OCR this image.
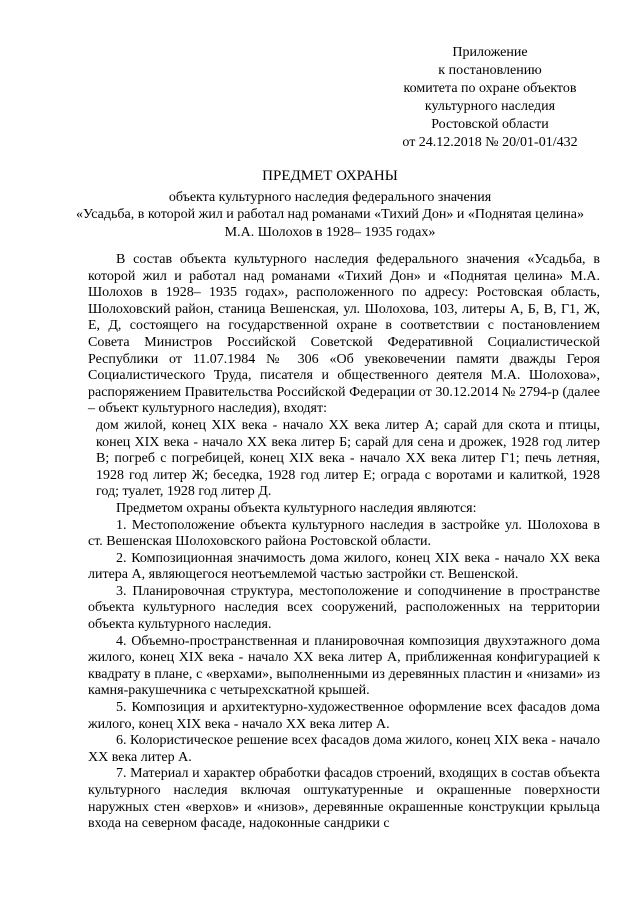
Приложение
к постановлению
комитета по охране объектов
культурного наследия
Ростовской области
от 24.12.2018 № 20/01-01/432
ПРЕДМЕТ ОХРАНЫ
объекта культурного наследия федерального значения
«Усадьба, в которой жил и работал над романами «Тихий Дон» и «Поднятая целина» М.А. Шолохов в 1928– 1935 годах»

В состав объекта культурного наследия федерального значения «Усадьба, в которой жил и работал над романами «Тихий Дон» и «Поднятая целина» М.А. Шолохов в 1928– 1935 годах», расположенного по адресу: Ростовская область, Шолоховский район, станица Вешенская, ул. Шолохова, 103, литеры А, Б, В, Г1, Ж, Е, Д, состоящего на государственной охране в соответствии с постановлением Совета Министров Российской Советской Федеративной Социалистической Республики от 11.07.1984 № 306 «Об увековечении памяти дважды Героя Социалистического Труда, писателя и общественного деятеля М.А. Шолохова», распоряжением Правительства Российской Федерации от 30.12.2014 № 2794-р (далее – объект культурного наследия), входят:

дом жилой, конец XIX века - начало XX века литер А; сарай для скота и птицы, конец XIX века - начало XX века литер Б; сарай для сена и дрожек, 1928 год литер В; погреб с погребицей, конец XIX века - начало XX века литер Г1; печь летняя, 1928 год литер Ж; беседка, 1928 год литер Е; ограда с воротами и калиткой, 1928 год; туалет, 1928 год литер Д.

Предметом охраны объекта культурного наследия являются:

1. Местоположение объекта культурного наследия в застройке ул. Шолохова в ст. Вешенская Шолоховского района Ростовской области.

2. Композиционная значимость дома жилого, конец XIX века - начало XX века литера А, являющегося неотъемлемой частью застройки ст. Вешенской.

3. Планировочная структура, местоположение и соподчинение в пространстве объекта культурного наследия всех сооружений, расположенных на территории объекта культурного наследия.

4. Объемно-пространственная и планировочная композиция двухэтажного дома жилого, конец XIX века - начало XX века литер А, приближенная конфигурацией к квадрату в плане, с «верхами», выполненными из деревянных пластин и «низами» из камня-ракушечника с четырехскатной крышей.

5. Композиция и архитектурно-художественное оформление всех фасадов дома жилого, конец XIX века - начало XX века литер А.

6. Колористическое решение всех фасадов дома жилого, конец XIX века - начало XX века литер А.

7. Материал и характер обработки фасадов строений, входящих в состав объекта культурного наследия включая оштукатуренные и окрашенные поверхности наружных стен «верхов» и «низов», деревянные окрашенные конструкции крыльца входа на северном фасаде, надоконные сандрики с
